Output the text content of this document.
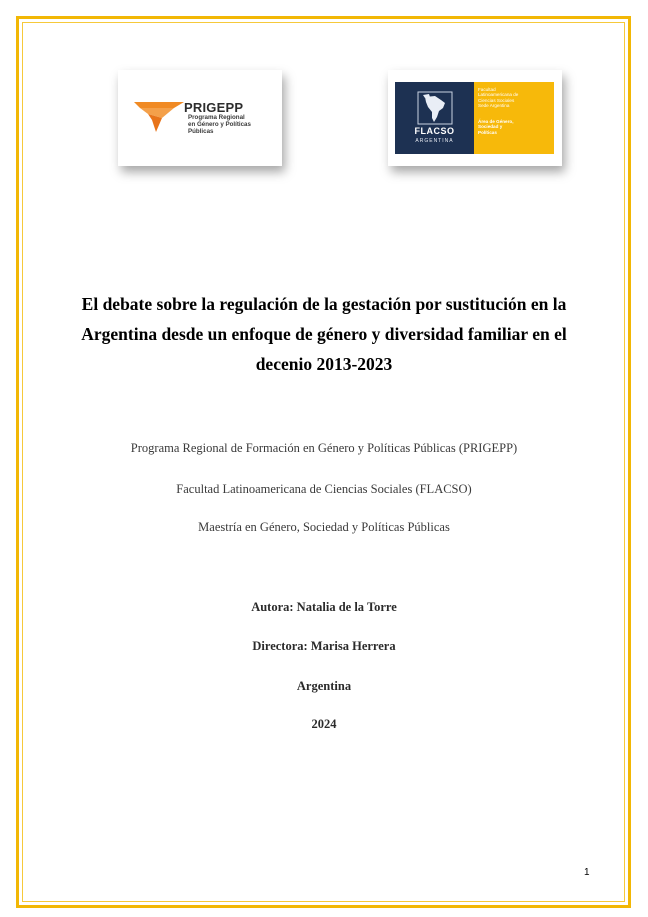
PRIGEPP
Programa Regional
en Género y Políticas
Públicas	FLACSO
ARGENTINA
Facultad
Latinoamericana de
Ciencias Sociales
Sede Argentina
Área de Género,
Sociedad y
Políticas
El debate sobre la regulación de la gestación por sustitución en la
Argentina desde un enfoque de género y diversidad familiar en el
decenio 2013-2023

Programa Regional de Formación en Género y Políticas Públicas (PRIGEPP)

Facultad Latinoamericana de Ciencias Sociales (FLACSO)

Maestría en Género, Sociedad y Políticas Públicas

Autora: Natalia de la Torre

Directora: Marisa Herrera

Argentina

2024

1
